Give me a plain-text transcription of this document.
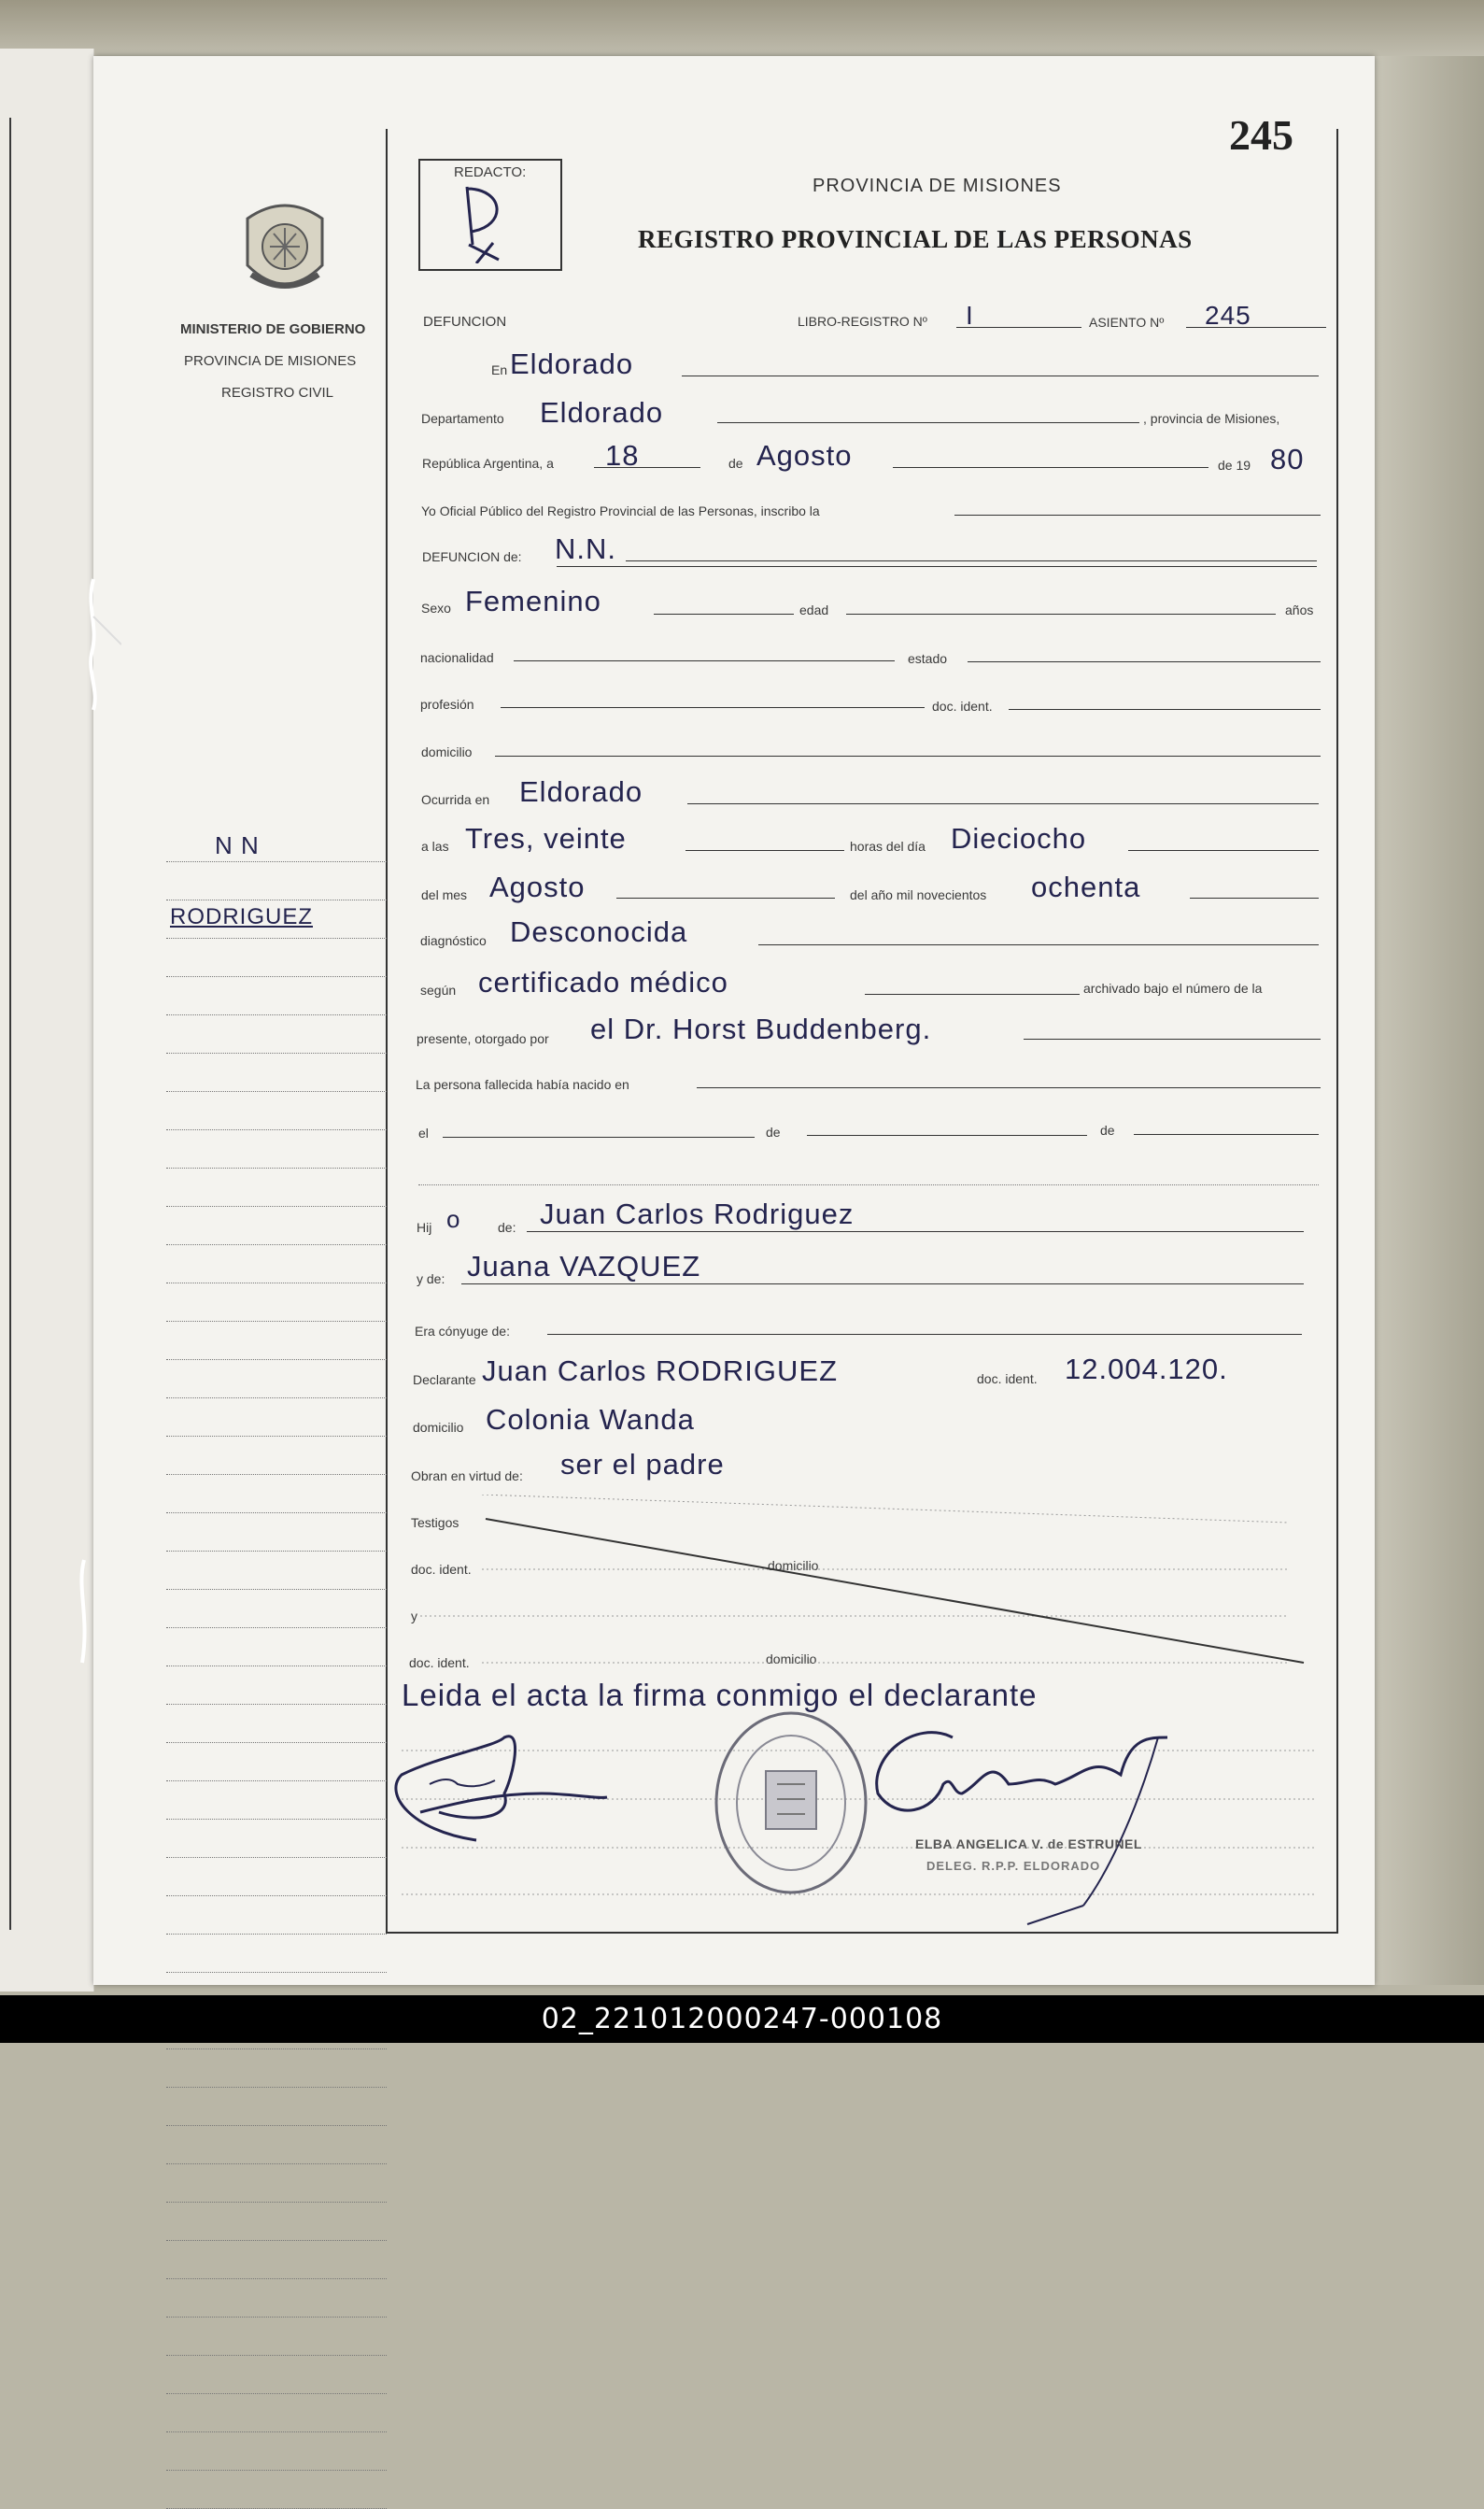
245
REDACTO:
PROVINCIA DE MISIONES
REGISTRO PROVINCIAL DE LAS PERSONAS
MINISTERIO DE GOBIERNO
PROVINCIA DE MISIONES
REGISTRO CIVIL
N N
RODRIGUEZ
DEFUNCION	LIBRO-REGISTRO Nº I	ASIENTO Nº 245
En Eldorado
Departamento Eldorado	, provincia de Misiones,
República Argentina, a 18	de Agosto	de 19 80
Yo Oficial Público del Registro Provincial de las Personas, inscribo la
DEFUNCION de: N.N.
Sexo Femenino	edad	años
nacionalidad	estado
profesión	doc. ident.
domicilio
Ocurrida en Eldorado
a las Tres, veinte	horas del día Dieciocho
del mes Agosto	del año mil novecientos ochenta
diagnóstico Desconocida
según certificado médico	archivado bajo el número de la
presente, otorgado por el Dr. Horst Buddenberg.
La persona fallecida había nacido en
el	de	de
Hij o	de: Juan Carlos Rodriguez
y de: Juana VAZQUEZ
Era cónyuge de:
Declarante Juan Carlos RODRIGUEZ	doc. ident. 12.004.120.
domicilio Colonia Wanda
Obran en virtud de: ser el padre
Testigos
doc. ident.	domicilio
y
doc. ident.	domicilio
Leida el acta la firma conmigo el declarante
ELBA ANGELICA V. de ESTRUNEL
DELEG. R.P.P. ELDORADO
02_221012000247-000108
